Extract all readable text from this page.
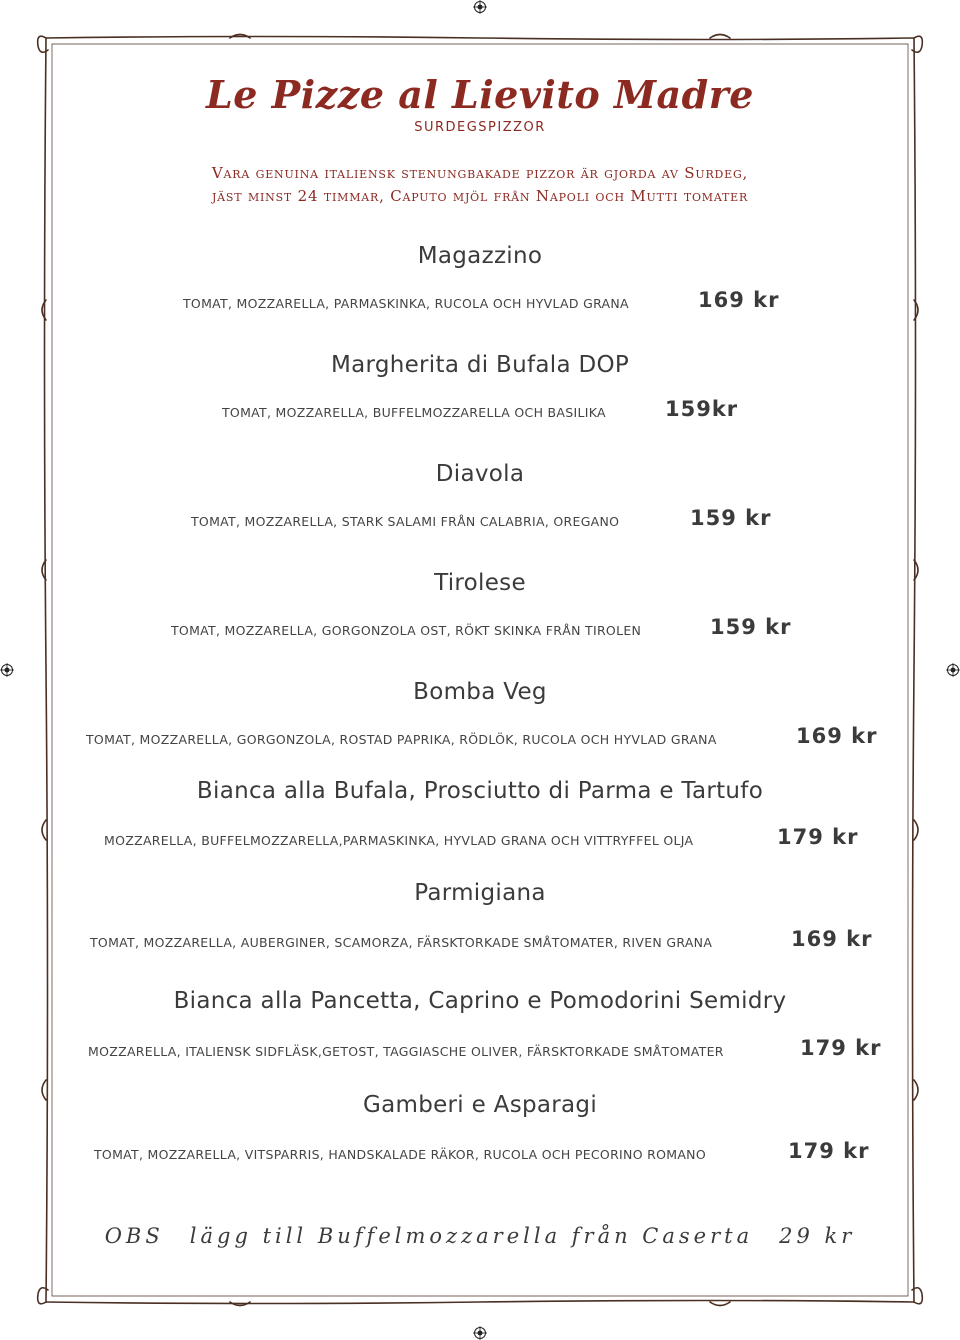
Le Pizze al Lievito Madre
SURDEGSPIZZOR
Vara genuina italiensk stenungbakade pizzor är gjorda av Surdeg,
jäst minst 24 timmar, Caputo mjöl från Napoli och Mutti tomater
Magazzino
TOMAT, MOZZARELLA, PARMASKINKA, RUCOLA OCH HYVLAD GRANA	169 kr
Margherita di Bufala DOP
TOMAT, MOZZARELLA, BUFFELMOZZARELLA OCH BASILIKA	159kr
Diavola
TOMAT, MOZZARELLA, STARK SALAMI FRÅN CALABRIA, OREGANO	159 kr
Tirolese
TOMAT, MOZZARELLA, GORGONZOLA OST, RÖKT SKINKA FRÅN TIROLEN	159 kr
Bomba Veg
TOMAT, MOZZARELLA, GORGONZOLA, ROSTAD PAPRIKA, RÖDLÖK, RUCOLA OCH HYVLAD GRANA	169 kr
Bianca alla Bufala, Prosciutto di Parma e Tartufo
MOZZARELLA, BUFFELMOZZARELLA,PARMASKINKA, HYVLAD GRANA OCH VITTRYFFEL OLJA	179 kr
Parmigiana
TOMAT, MOZZARELLA, AUBERGINER, SCAMORZA, FÄRSKTORKADE SMÅTOMATER, RIVEN GRANA	169 kr
Bianca alla Pancetta, Caprino e Pomodorini Semidry
MOZZARELLA, ITALIENSK SIDFLÄSK,GETOST, TAGGIASCHE OLIVER, FÄRSKTORKADE SMÅTOMATER	179 kr
Gamberi e Asparagi
TOMAT, MOZZARELLA, VITSPARRIS, HANDSKALADE RÄKOR, RUCOLA OCH PECORINO ROMANO	179 kr
OBS lägg till Buffelmozzarella från Caserta 29 kr
